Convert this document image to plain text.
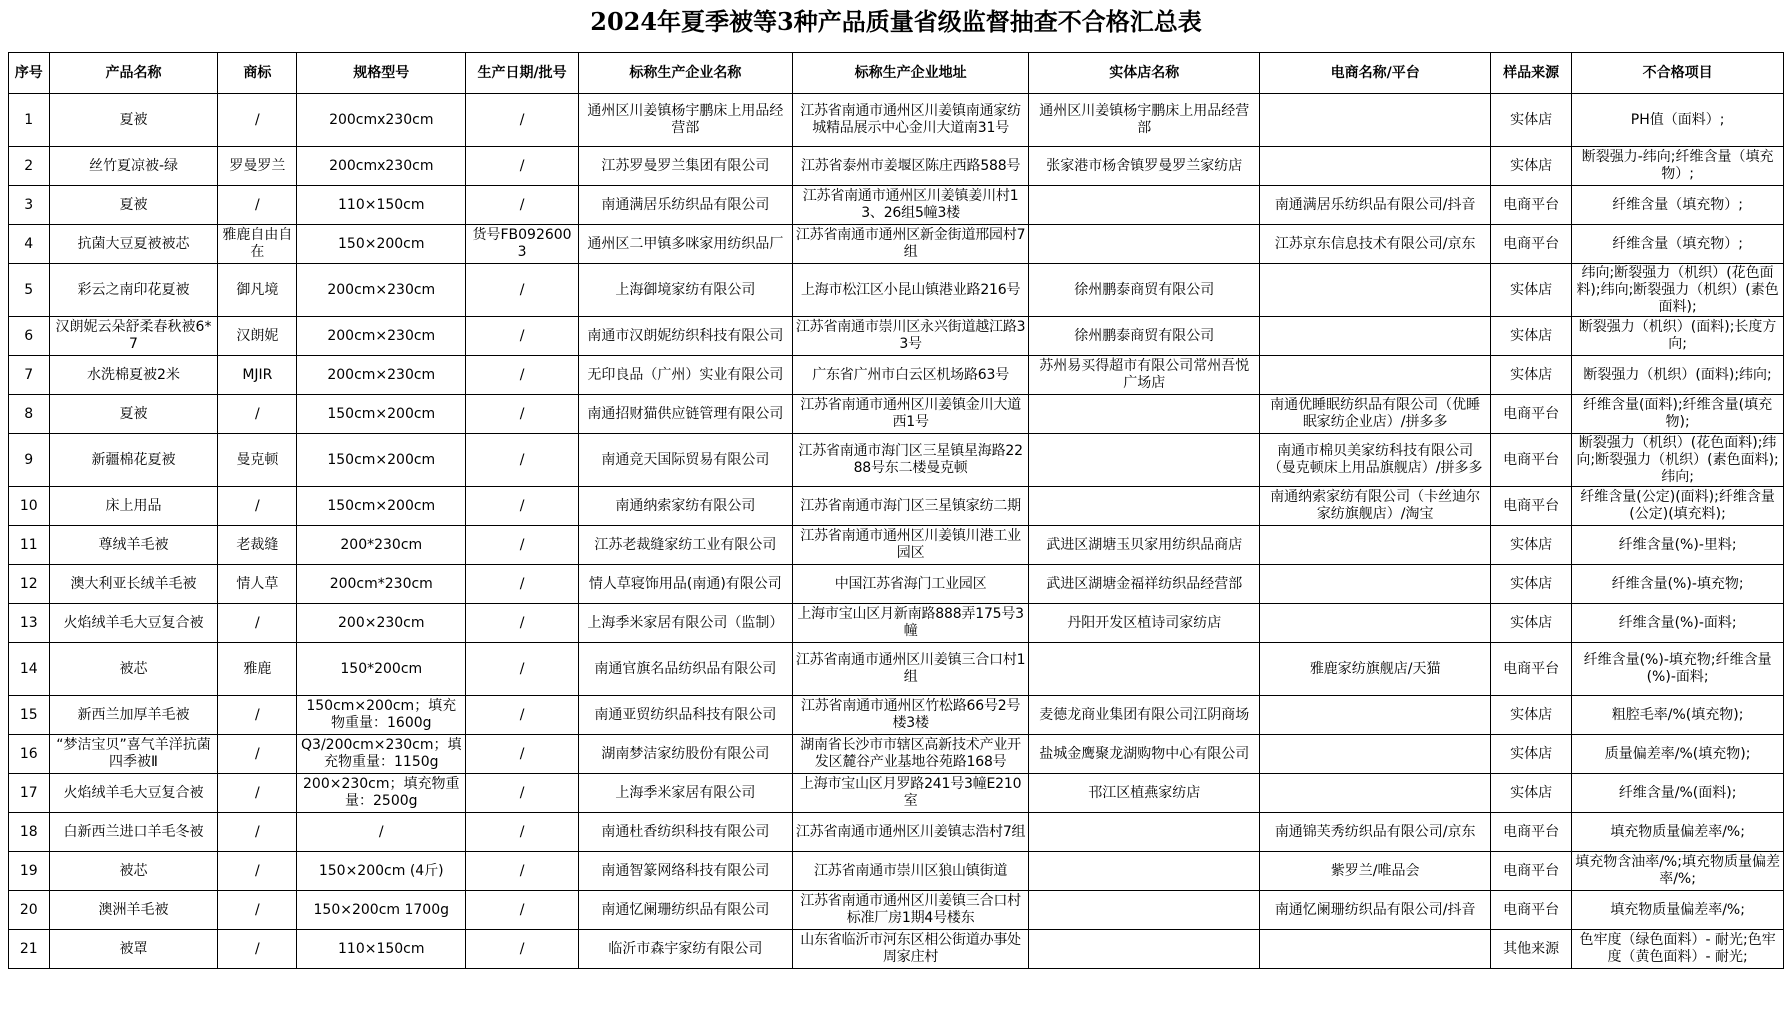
2024年夏季被等3种产品质量省级监督抽查不合格汇总表
序号	产品名称	商标	规格型号	生产日期/批号	标称生产企业名称	标称生产企业地址	实体店名称	电商名称/平台	样品来源	不合格项目
1	夏被	/	200cmx230cm	/	通州区川姜镇杨宇鹏床上用品经营部	江苏省南通市通州区川姜镇南通家纺城精品展示中心金川大道南31号	通州区川姜镇杨宇鹏床上用品经营部		实体店	PH值（面料）;
2	丝竹夏凉被-绿	罗曼罗兰	200cmx230cm	/	江苏罗曼罗兰集团有限公司	江苏省泰州市姜堰区陈庄西路588号	张家港市杨舍镇罗曼罗兰家纺店		实体店	断裂强力-纬向;纤维含量（填充物）;
3	夏被	/	110×150cm	/	南通满居乐纺织品有限公司	江苏省南通市通州区川姜镇姜川村13、26组5幢3楼		南通满居乐纺织品有限公司/抖音	电商平台	纤维含量（填充物）;
4	抗菌大豆夏被被芯	雅鹿自由自在	150×200cm	货号FB0926003	通州区二甲镇多咪家用纺织品厂	江苏省南通市通州区新金街道邢园村7组		江苏京东信息技术有限公司/京东	电商平台	纤维含量（填充物）;
5	彩云之南印花夏被	御凡境	200cm×230cm	/	上海御境家纺有限公司	上海市松江区小昆山镇港业路216号	徐州鹏泰商贸有限公司		实体店	纬向;断裂强力（机织）(花色面料);纬向;断裂强力（机织）(素色面料);
6	汉朗妮云朵舒柔春秋被6*7	汉朗妮	200cm×230cm	/	南通市汉朗妮纺织科技有限公司	江苏省南通市崇川区永兴街道越江路33号	徐州鹏泰商贸有限公司		实体店	断裂强力（机织）(面料);长度方向;
7	水洗棉夏被2米	MJIR	200cm×230cm	/	无印良品（广州）实业有限公司	广东省广州市白云区机场路63号	苏州易买得超市有限公司常州吾悦广场店		实体店	断裂强力（机织）(面料);纬向;
8	夏被	/	150cm×200cm	/	南通招财猫供应链管理有限公司	江苏省南通市通州区川姜镇金川大道西1号		南通优睡眠纺织品有限公司（优睡眠家纺企业店）/拼多多	电商平台	纤维含量(面料);纤维含量(填充物);
9	新疆棉花夏被	曼克顿	150cm×200cm	/	南通竞天国际贸易有限公司	江苏省南通市海门区三星镇星海路2288号东二楼曼克顿		南通市棉贝美家纺科技有限公司（曼克顿床上用品旗舰店）/拼多多	电商平台	断裂强力（机织）(花色面料);纬向;断裂强力（机织）(素色面料);纬向;
10	床上用品	/	150cm×200cm	/	南通纳索家纺有限公司	江苏省南通市海门区三星镇家纺二期		南通纳索家纺有限公司（卡丝迪尔家纺旗舰店）/淘宝	电商平台	纤维含量(公定)(面料);纤维含量(公定)(填充料);
11	尊绒羊毛被	老裁缝	200*230cm	/	江苏老裁缝家纺工业有限公司	江苏省南通市通州区川姜镇川港工业园区	武进区湖塘玉贝家用纺织品商店		实体店	纤维含量(%)-里料;
12	澳大利亚长绒羊毛被	情人草	200cm*230cm	/	情人草寝饰用品(南通)有限公司	中国江苏省海门工业园区	武进区湖塘金福祥纺织品经营部		实体店	纤维含量(%)-填充物;
13	火焰绒羊毛大豆复合被	/	200×230cm	/	上海季米家居有限公司（监制）	上海市宝山区月新南路888弄175号3幢	丹阳开发区植诗司家纺店		实体店	纤维含量(%)-面料;
14	被芯	雅鹿	150*200cm	/	南通官旗名品纺织品有限公司	江苏省南通市通州区川姜镇三合口村1组		雅鹿家纺旗舰店/天猫	电商平台	纤维含量(%)-填充物;纤维含量(%)-面料;
15	新西兰加厚羊毛被	/	150cm×200cm；填充物重量：1600g	/	南通亚贸纺织品科技有限公司	江苏省南通市通州区竹松路66号2号楼3楼	麦德龙商业集团有限公司江阴商场		实体店	粗腔毛率/%(填充物);
16	“梦洁宝贝”喜气羊洋抗菌四季被Ⅱ	/	Q3/200cm×230cm；填充物重量：1150g	/	湖南梦洁家纺股份有限公司	湖南省长沙市市辖区高新技术产业开发区麓谷产业基地谷苑路168号	盐城金鹰聚龙湖购物中心有限公司		实体店	质量偏差率/%(填充物);
17	火焰绒羊毛大豆复合被	/	200×230cm；填充物重量：2500g	/	上海季米家居有限公司	上海市宝山区月罗路241号3幢E210室	邗江区植燕家纺店		实体店	纤维含量/%(面料);
18	白新西兰进口羊毛冬被	/	/	/	南通杜香纺织科技有限公司	江苏省南通市通州区川姜镇志浩村7组		南通锦芙秀纺织品有限公司/京东	电商平台	填充物质量偏差率/%;
19	被芯	/	150×200cm (4斤)	/	南通智篆网络科技有限公司	江苏省南通市崇川区狼山镇街道		紫罗兰/唯品会	电商平台	填充物含油率/%;填充物质量偏差率/%;
20	澳洲羊毛被	/	150×200cm 1700g	/	南通忆阑珊纺织品有限公司	江苏省南通市通州区川姜镇三合口村标准厂房1期4号楼东		南通忆阑珊纺织品有限公司/抖音	电商平台	填充物质量偏差率/%;
21	被罩	/	110×150cm	/	临沂市森宇家纺有限公司	山东省临沂市河东区相公街道办事处周家庄村			其他来源	色牢度（绿色面料）- 耐光;色牢度（黄色面料）- 耐光;
